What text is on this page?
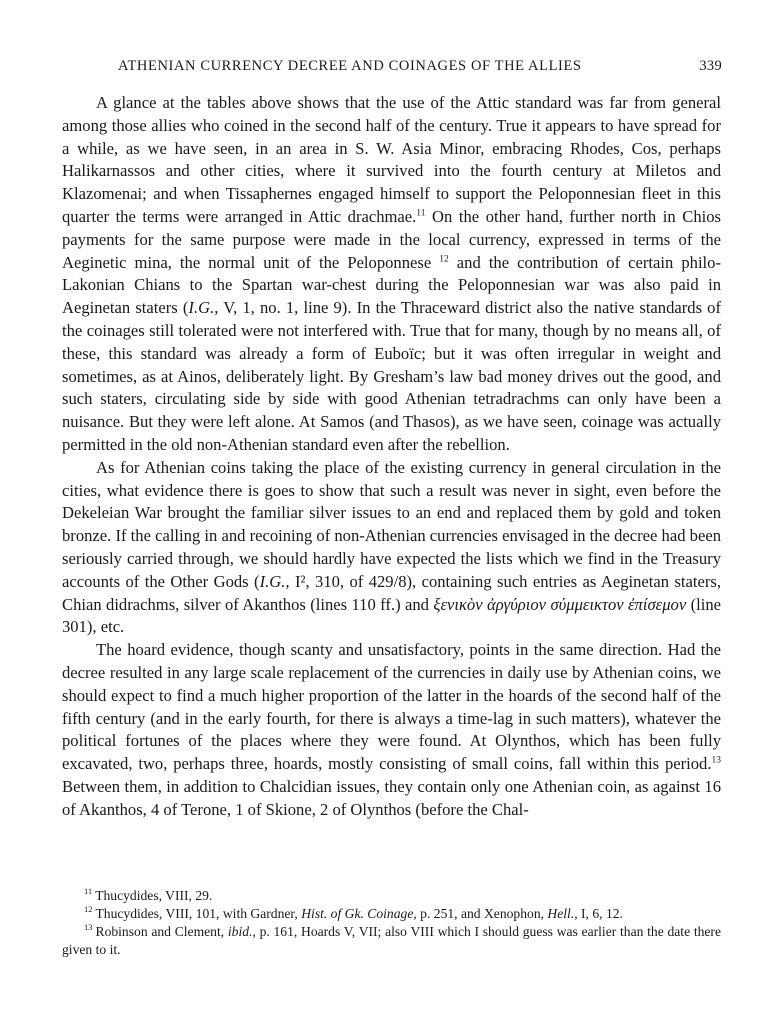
ATHENIAN CURRENCY DECREE AND COINAGES OF THE ALLIES	339

A glance at the tables above shows that the use of the Attic standard was far from general among those allies who coined in the second half of the century. True it appears to have spread for a while, as we have seen, in an area in S. W. Asia Minor, embracing Rhodes, Cos, perhaps Halikarnassos and other cities, where it survived into the fourth century at Miletos and Klazomenai; and when Tissaphernes engaged himself to support the Peloponnesian fleet in this quarter the terms were arranged in Attic drachmae.$^{11}$ On the other hand, further north in Chios payments for the same purpose were made in the local currency, expressed in terms of the Aeginetic mina, the normal unit of the Peloponnese $^{12}$ and the contribution of certain philo-Lakonian Chians to the Spartan war-chest during the Peloponnesian war was also paid in Aeginetan staters (I.G., V, 1, no. 1, line 9). In the Thraceward district also the native standards of the coinages still tolerated were not interfered with. True that for many, though by no means all, of these, this standard was already a form of Euboïc; but it was often irregular in weight and sometimes, as at Ainos, deliberately light. By Gresham’s law bad money drives out the good, and such staters, circulating side by side with good Athenian tetradrachms can only have been a nuisance. But they were left alone. At Samos (and Thasos), as we have seen, coinage was actually permitted in the old non-Athenian standard even after the rebellion.

As for Athenian coins taking the place of the existing currency in general circulation in the cities, what evidence there is goes to show that such a result was never in sight, even before the Dekeleian War brought the familiar silver issues to an end and replaced them by gold and token bronze. If the calling in and recoining of non-Athenian currencies envisaged in the decree had been seriously carried through, we should hardly have expected the lists which we find in the Treasury accounts of the Other Gods (I.G., I², 310, of 429/8), containing such entries as Aeginetan staters, Chian didrachms, silver of Akanthos (lines 110 ff.) and ξενικὸν ἀργύριον σύμμεικτον ἐπίσεμον (line 301), etc.

The hoard evidence, though scanty and unsatisfactory, points in the same direction. Had the decree resulted in any large scale replacement of the currencies in daily use by Athenian coins, we should expect to find a much higher proportion of the latter in the hoards of the second half of the fifth century (and in the early fourth, for there is always a time-lag in such matters), whatever the political fortunes of the places where they were found. At Olynthos, which has been fully excavated, two, perhaps three, hoards, mostly consisting of small coins, fall within this period.$^{13}$ Between them, in addition to Chalcidian issues, they contain only one Athenian coin, as against 16 of Akanthos, 4 of Terone, 1 of Skione, 2 of Olynthos (before the Chal-

$^{11}$ Thucydides, VIII, 29.

$^{12}$ Thucydides, VIII, 101, with Gardner, Hist. of Gk. Coinage, p. 251, and Xenophon, Hell., I, 6, 12.

$^{13}$ Robinson and Clement, ibid., p. 161, Hoards V, VII; also VIII which I should guess was earlier than the date there given to it.
